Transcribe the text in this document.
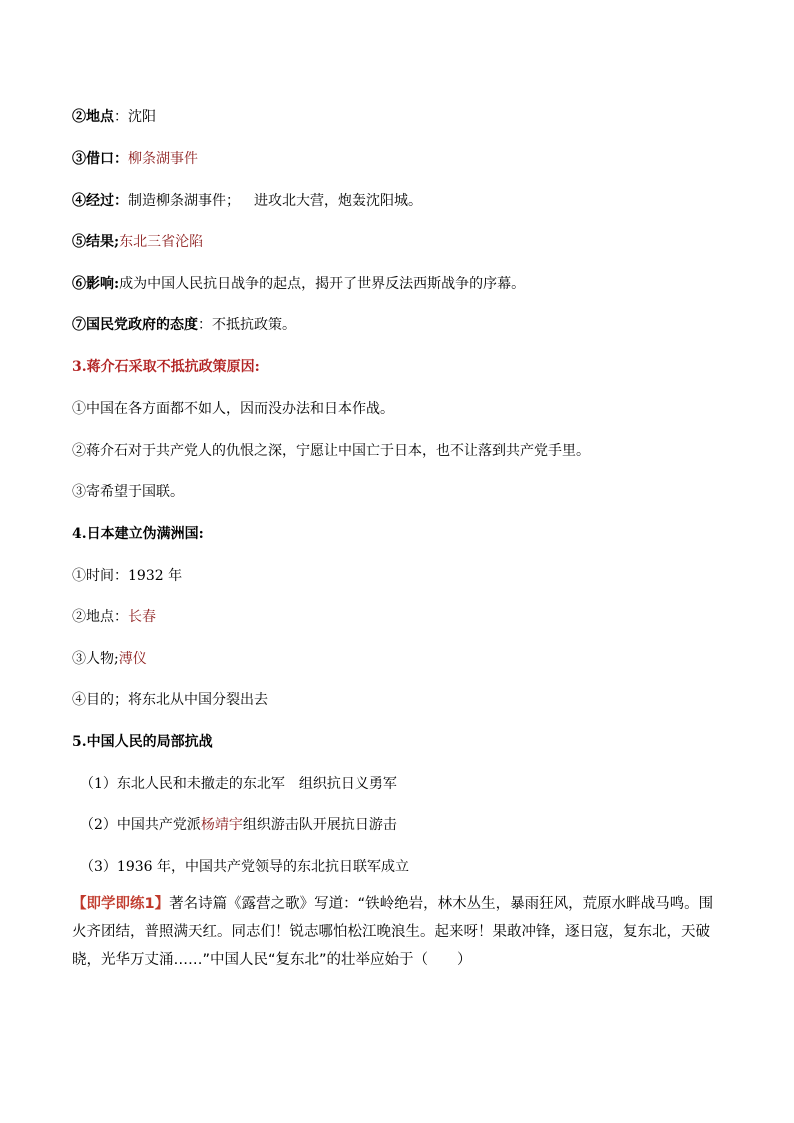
②地点：沈阳
③借口：柳条湖事件
④经过：制造柳条湖事件； 进攻北大营，炮轰沈阳城。
⑤结果;东北三省沦陷
⑥影响:成为中国人民抗日战争的起点，揭开了世界反法西斯战争的序幕。
⑦国民党政府的态度：不抵抗政策。
3.蒋介石采取不抵抗政策原因:
①中国在各方面都不如人，因而没办法和日本作战。
②蒋介石对于共产党人的仇恨之深，宁愿让中国亡于日本，也不让落到共产党手里。
③寄希望于国联。
4.日本建立伪满洲国:
①时间：1932 年
②地点：长春
③人物;溥仪
④目的；将东北从中国分裂出去
5.中国人民的局部抗战
（1）东北人民和未撤走的东北军 组织抗日义勇军
（2）中国共产党派杨靖宇组织游击队开展抗日游击
（3）1936 年，中国共产党领导的东北抗日联军成立
【即学即练1】著名诗篇《露营之歌》写道：“铁岭绝岩，林木丛生，暴雨狂风，荒原水畔战马鸣。围火齐团结，普照满天红。同志们！锐志哪怕松江晚浪生。起来呀！果敢冲锋，逐日寇，复东北，天破晓，光华万丈涌……”中国人民“复东北”的壮举应始于（　　）
